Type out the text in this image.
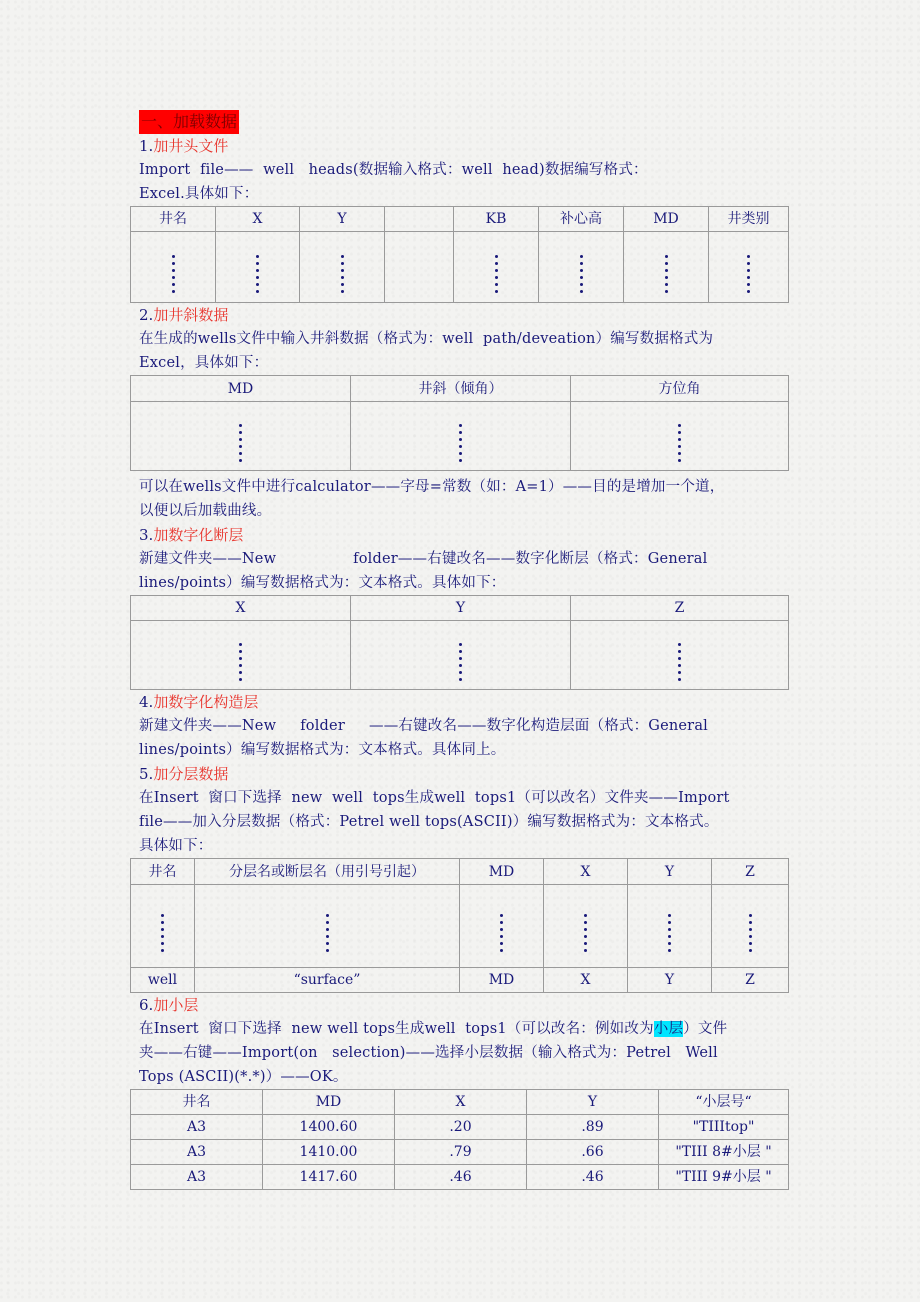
一、加载数据
1.加井头文件
Import  file——  well   heads(数据输入格式：well  head)数据编写格式：
Excel.具体如下：
井名	X	Y		KB	补心高	MD	井类别

2.加井斜数据
在生成的wells文件中输入井斜数据（格式为：well  path/deveation）编写数据格式为
Excel，具体如下：
MD	井斜（倾角）	方位角

可以在wells文件中进行calculator——字母=常数（如：A=1）——目的是增加一个道，
以便以后加载曲线。
3.加数字化断层
新建文件夹——New                folder——右键改名——数字化断层（格式：General
lines/points）编写数据格式为：文本格式。具体如下：
X	Y	Z

4.加数字化构造层
新建文件夹——New     folder     ——右键改名——数字化构造层面（格式：General
lines/points）编写数据格式为：文本格式。具体同上。
5.加分层数据
在Insert  窗口下选择  new  well  tops生成well  tops1（可以改名）文件夹——Import
file——加入分层数据（格式：Petrel well tops(ASCII)）编写数据格式为：文本格式。
具体如下：
井名	分层名或断层名（用引号引起）	MD	X	Y	Z

well	“surface”	MD	X	Y	Z
6.加小层
在Insert  窗口下选择  new well tops生成well  tops1（可以改名：例如改为小层）文件
夹——右键——Import(on   selection)——选择小层数据（输入格式为：Petrel   Well
Tops (ASCII)(*.*)）——OK。
井名	MD	X	Y	“小层号“
A3	1400.60	.20	.89	"TIIItop"
A3	1410.00	.79	.66	"TIII 8#小层 "
A3	1417.60	.46	.46	"TIII 9#小层 "
